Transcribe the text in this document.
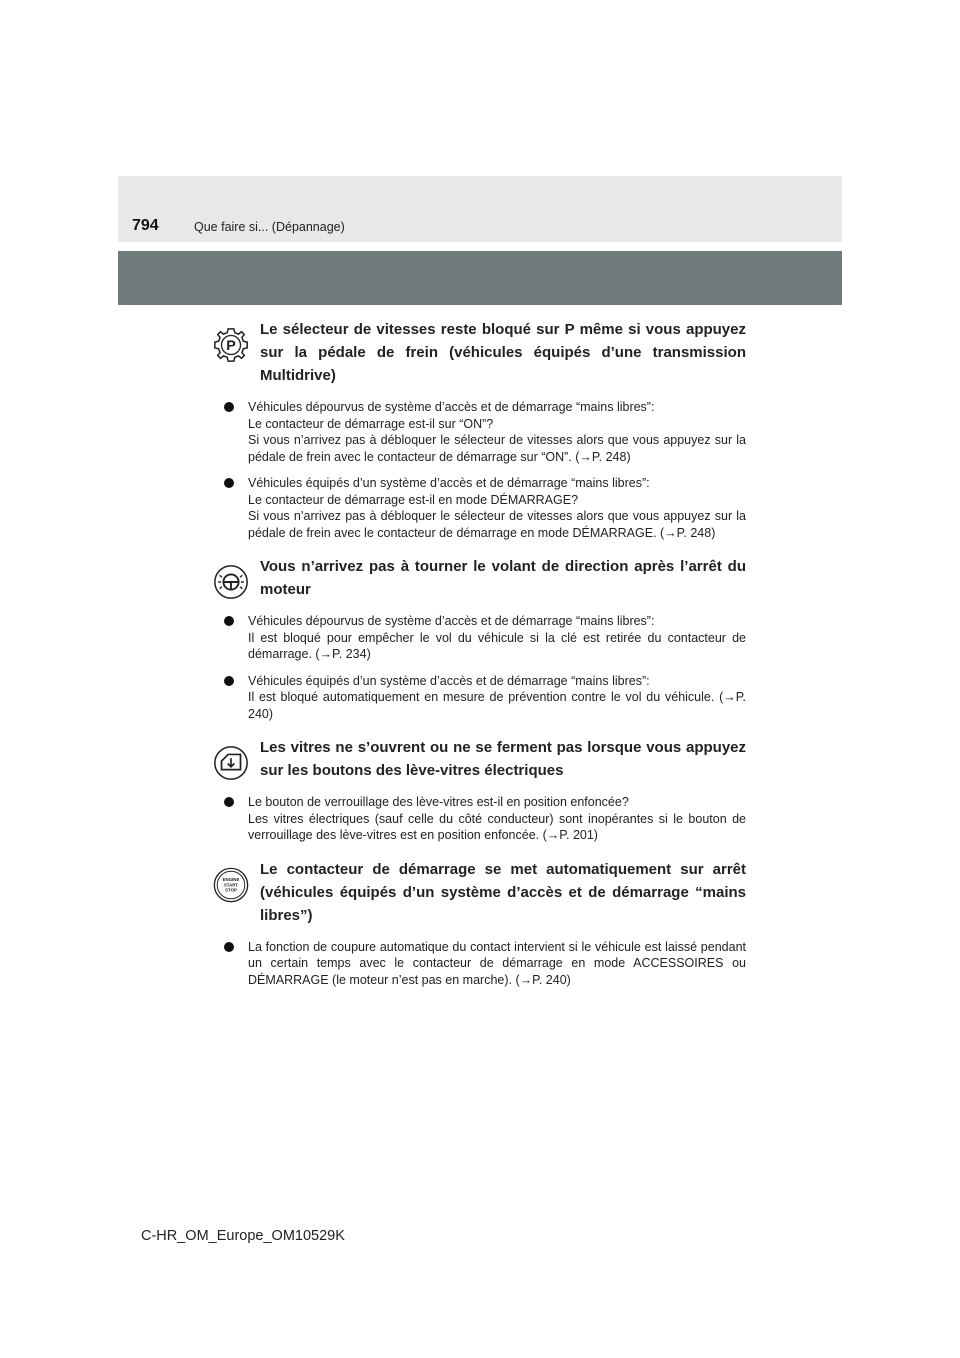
794	Que faire si... (Dépannage)
P

Le sélecteur de vitesses reste bloqué sur P même si vous appuyez sur la pédale de frein (véhicules équipés d’une transmission Multidrive)

Véhicules dépourvus de système d’accès et de démarrage “mains libres”:

Le contacteur de démarrage est-il sur “ON”?

Si vous n’arrivez pas à débloquer le sélecteur de vitesses alors que vous appuyez sur la pédale de frein avec le contacteur de démarrage sur “ON”. (→P. 248)

Véhicules équipés d’un système d’accès et de démarrage “mains libres”:

Le contacteur de démarrage est-il en mode DÉMARRAGE?

Si vous n’arrivez pas à débloquer le sélecteur de vitesses alors que vous appuyez sur la pédale de frein avec le contacteur de démarrage en mode DÉMARRAGE. (→P. 248)

Vous n’arrivez pas à tourner le volant de direction après l’arrêt du moteur

Véhicules dépourvus de système d’accès et de démarrage “mains libres”:

Il est bloqué pour empêcher le vol du véhicule si la clé est retirée du contacteur de démarrage. (→P. 234)

Véhicules équipés d’un système d’accès et de démarrage “mains libres”:

Il est bloqué automatiquement en mesure de prévention contre le vol du véhicule. (→P. 240)

Les vitres ne s’ouvrent ou ne se ferment pas lorsque vous appuyez sur les boutons des lève-vitres électriques

Le bouton de verrouillage des lève-vitres est-il en position enfoncée?

Les vitres électriques (sauf celle du côté conducteur) sont inopérantes si le bouton de verrouillage des lève-vitres est en position enfoncée. (→P. 201)

ENGINE
START
STOP

Le contacteur de démarrage se met automatiquement sur arrêt (véhicules équipés d’un système d’accès et de démarrage “mains libres”)

La fonction de coupure automatique du contact intervient si le véhicule est laissé pendant un certain temps avec le contacteur de démarrage en mode ACCESSOIRES ou DÉMARRAGE (le moteur n’est pas en marche). (→P. 240)

C-HR_OM_Europe_OM10529K
